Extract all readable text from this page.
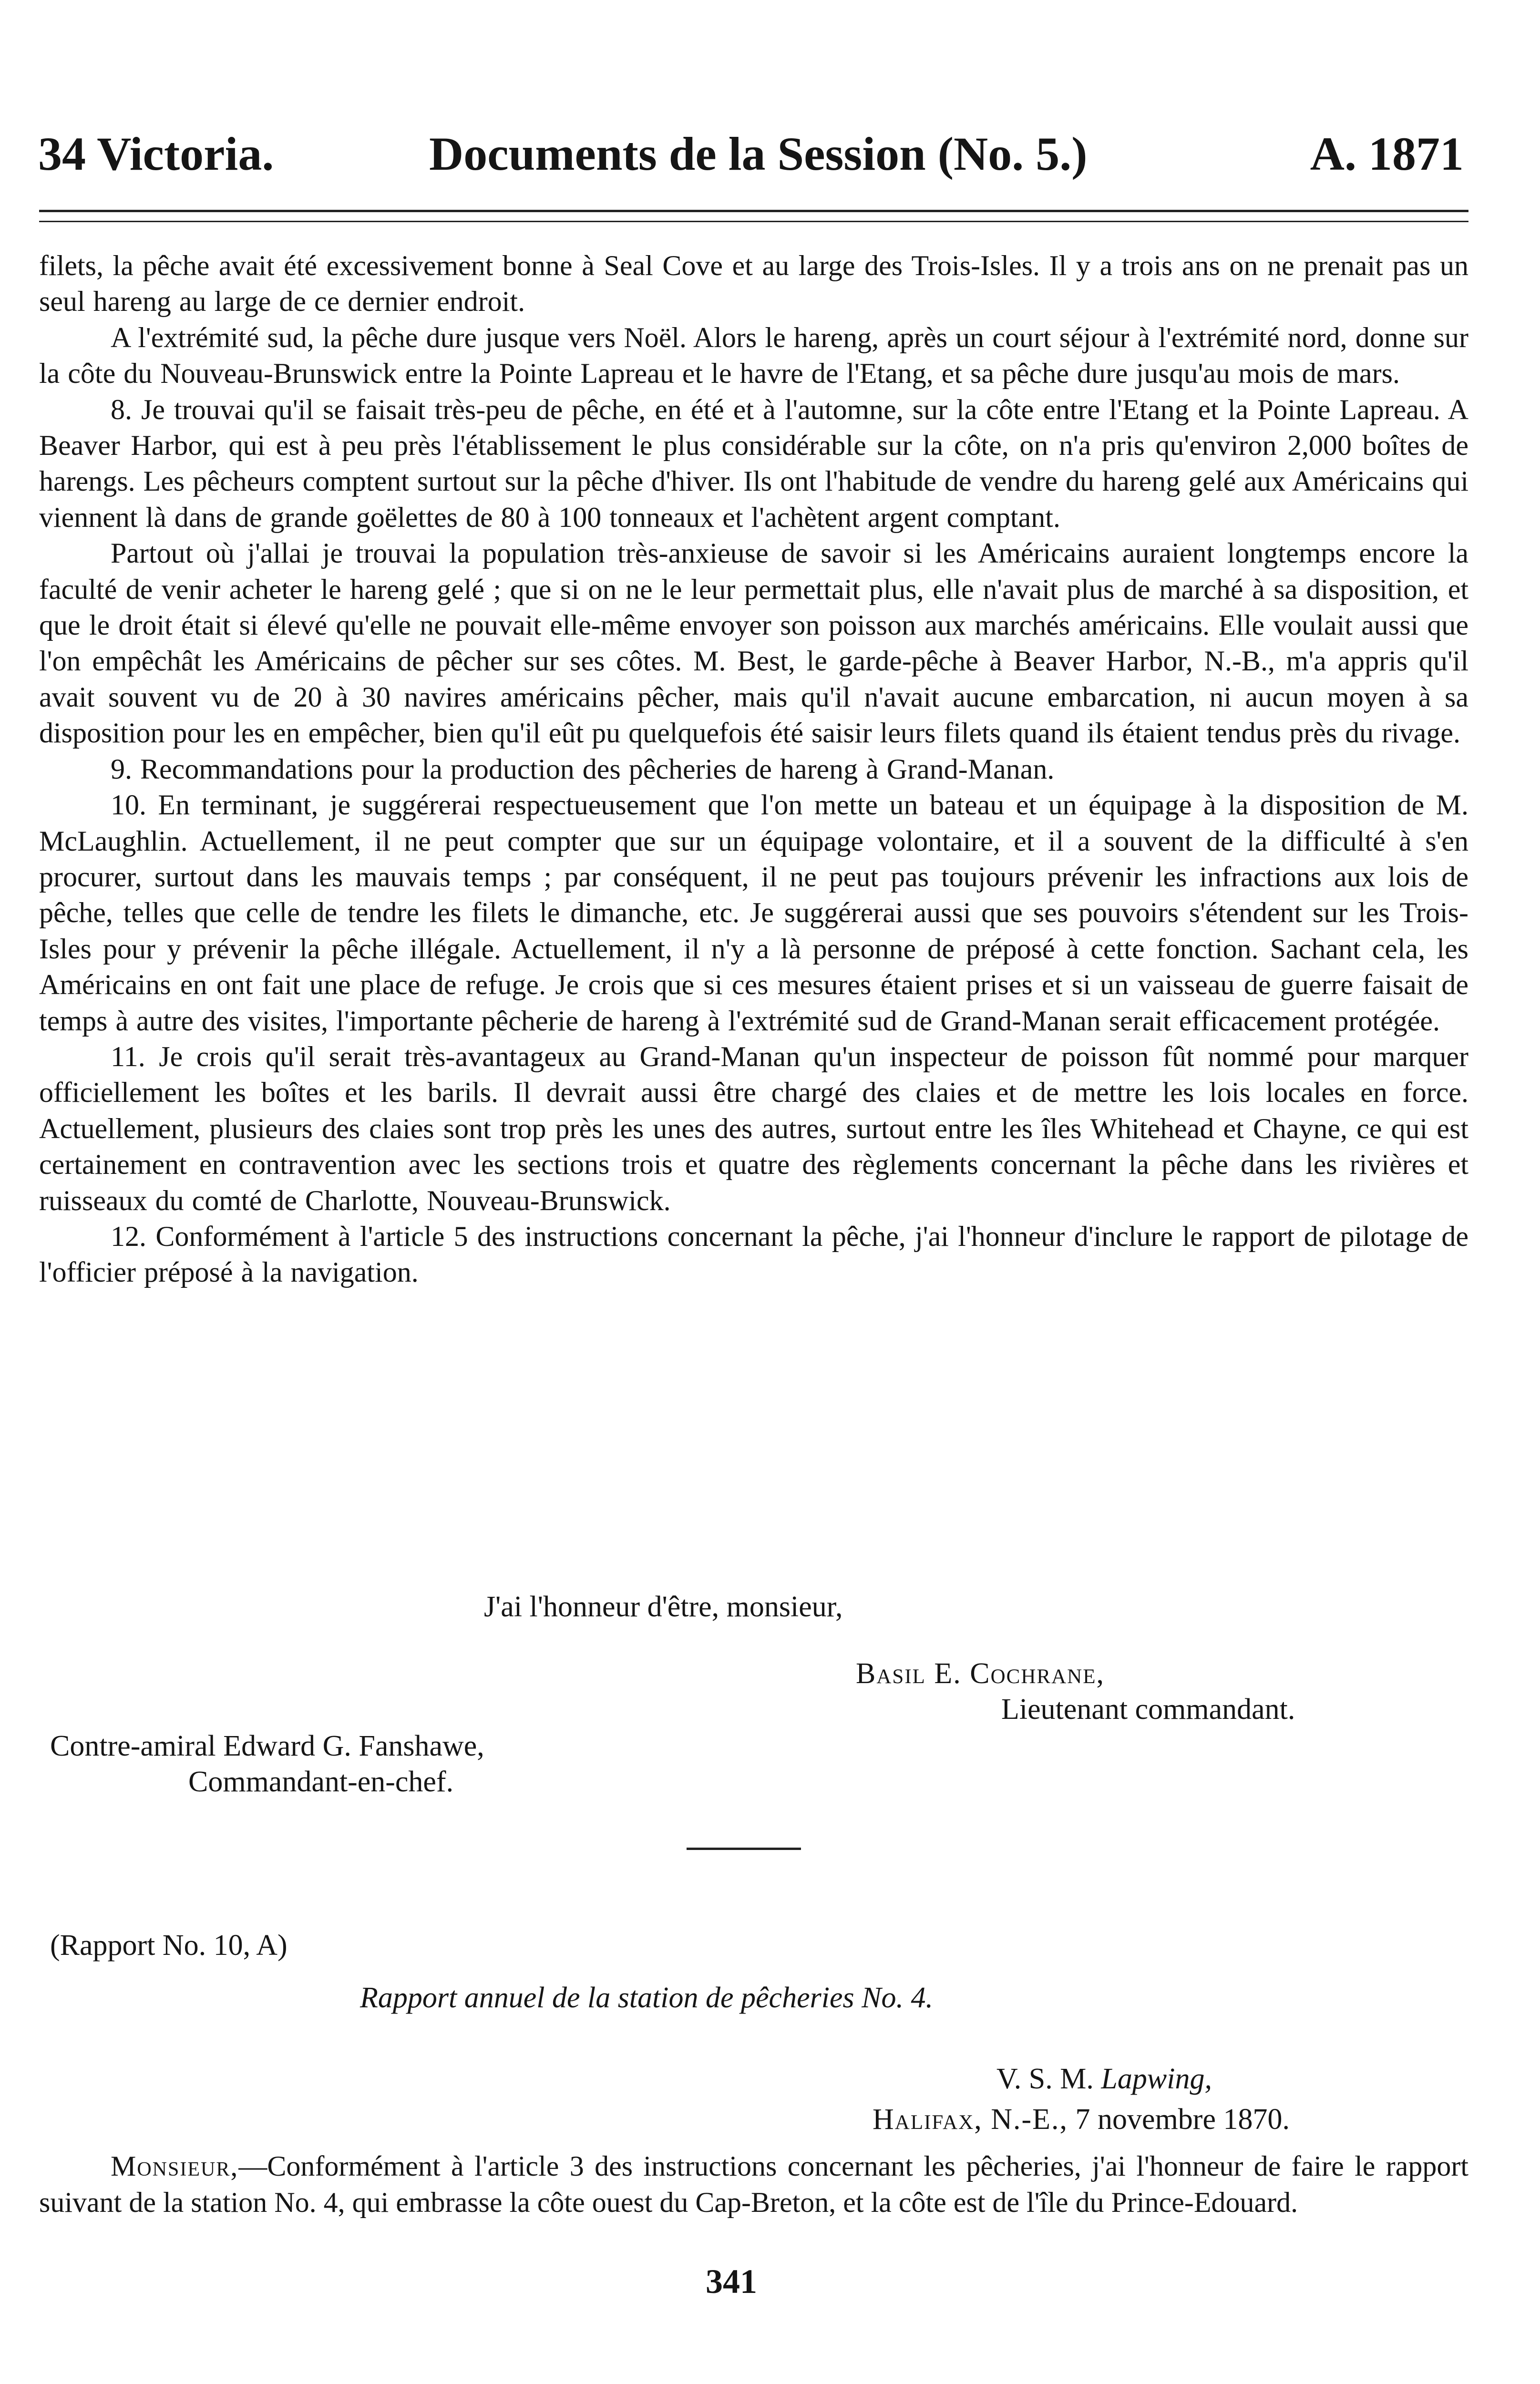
34 Victoria.	Documents de la Session (No. 5.)	A. 1871

filets, la pêche avait été excessivement bonne à Seal Cove et au large des Trois-Isles. Il y a trois ans on ne prenait pas un seul hareng au large de ce dernier endroit.

A l'extrémité sud, la pêche dure jusque vers Noël. Alors le hareng, après un court séjour à l'extrémité nord, donne sur la côte du Nouveau-Brunswick entre la Pointe Lapreau et le havre de l'Etang, et sa pêche dure jusqu'au mois de mars.

8. Je trouvai qu'il se faisait très-peu de pêche, en été et à l'automne, sur la côte entre l'Etang et la Pointe Lapreau. A Beaver Harbor, qui est à peu près l'établissement le plus considérable sur la côte, on n'a pris qu'environ 2,000 boîtes de harengs. Les pêcheurs comptent surtout sur la pêche d'hiver. Ils ont l'habitude de vendre du hareng gelé aux Américains qui viennent là dans de grande goëlettes de 80 à 100 tonneaux et l'achètent argent comptant.

Partout où j'allai je trouvai la population très-anxieuse de savoir si les Américains auraient longtemps encore la faculté de venir acheter le hareng gelé ; que si on ne le leur permettait plus, elle n'avait plus de marché à sa disposition, et que le droit était si élevé qu'elle ne pouvait elle-même envoyer son poisson aux marchés américains. Elle voulait aussi que l'on empêchât les Américains de pêcher sur ses côtes. M. Best, le garde-pêche à Beaver Harbor, N.-B., m'a appris qu'il avait souvent vu de 20 à 30 navires américains pêcher, mais qu'il n'avait aucune embarcation, ni aucun moyen à sa disposition pour les en empêcher, bien qu'il eût pu quelquefois été saisir leurs filets quand ils étaient tendus près du rivage.

9. Recommandations pour la production des pêcheries de hareng à Grand-Manan.

10. En terminant, je suggérerai respectueusement que l'on mette un bateau et un équipage à la disposition de M. McLaughlin. Actuellement, il ne peut compter que sur un équipage volontaire, et il a souvent de la difficulté à s'en procurer, surtout dans les mauvais temps ; par conséquent, il ne peut pas toujours prévenir les infractions aux lois de pêche, telles que celle de tendre les filets le dimanche, etc. Je suggérerai aussi que ses pouvoirs s'étendent sur les Trois-Isles pour y prévenir la pêche illégale. Actuellement, il n'y a là personne de préposé à cette fonction. Sachant cela, les Américains en ont fait une place de refuge. Je crois que si ces mesures étaient prises et si un vaisseau de guerre faisait de temps à autre des visites, l'importante pêcherie de hareng à l'extrémité sud de Grand-Manan serait efficacement protégée.

11. Je crois qu'il serait très-avantageux au Grand-Manan qu'un inspecteur de poisson fût nommé pour marquer officiellement les boîtes et les barils. Il devrait aussi être chargé des claies et de mettre les lois locales en force. Actuellement, plusieurs des claies sont trop près les unes des autres, surtout entre les îles Whitehead et Chayne, ce qui est certainement en contravention avec les sections trois et quatre des règlements concernant la pêche dans les rivières et ruisseaux du comté de Charlotte, Nouveau-Brunswick.

12. Conformément à l'article 5 des instructions concernant la pêche, j'ai l'honneur d'inclure le rapport de pilotage de l'officier préposé à la navigation.

J'ai l'honneur d'être, monsieur,
Basil E. Cochrane,
Lieutenant commandant.
Contre-amiral Edward G. Fanshawe,
Commandant-en-chef.
(Rapport No. 10, A)
Rapport annuel de la station de pêcheries No. 4.
V. S. M. Lapwing,
Halifax, N.-E., 7 novembre 1870.

Monsieur,—Conformément à l'article 3 des instructions concernant les pêcheries, j'ai l'honneur de faire le rapport suivant de la station No. 4, qui embrasse la côte ouest du Cap-Breton, et la côte est de l'île du Prince-Edouard.

341
